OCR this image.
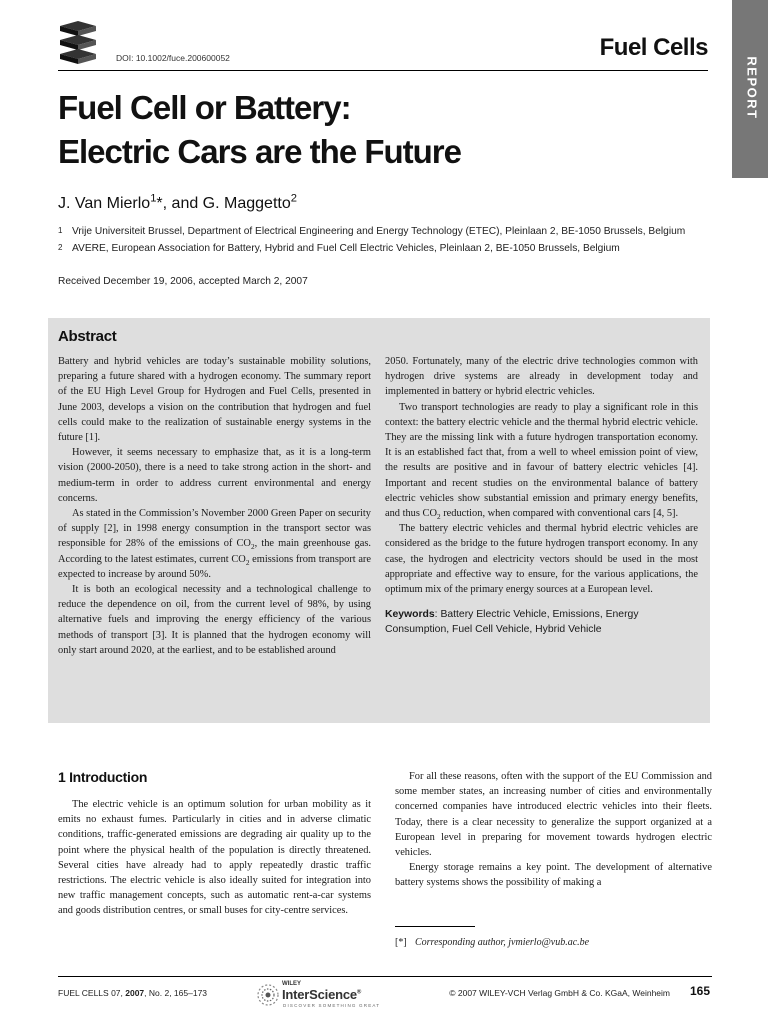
DOI: 10.1002/fuce.200600052	Fuel Cells
REPORT
Fuel Cell or Battery:
Electric Cars are the Future
J. Van Mierlo$^1$*, and G. Maggetto$^2$
1 Vrije Universiteit Brussel, Department of Electrical Engineering and Energy Technology (ETEC), Pleinlaan 2, BE-1050 Brussels, Belgium
2 AVERE, European Association for Battery, Hybrid and Fuel Cell Electric Vehicles, Pleinlaan 2, BE-1050 Brussels, Belgium
Received December 19, 2006, accepted March 2, 2007
Abstract

Battery and hybrid vehicles are today’s sustainable mobility solutions, preparing a future shared with a hydrogen economy. The summary report of the EU High Level Group for Hydrogen and Fuel Cells, presented in June 2003, develops a vision on the contribution that hydrogen and fuel cells could make to the realization of sustainable energy systems in the future [1].

However, it seems necessary to emphasize that, as it is a long-term vision (2000-2050), there is a need to take strong action in the short- and medium-term in order to address current environmental and energy concerns.

As stated in the Commission’s November 2000 Green Paper on security of supply [2], in 1998 energy consumption in the transport sector was responsible for 28% of the emissions of $CO_2$, the main greenhouse gas. According to the latest estimates, current $CO_2$ emissions from transport are expected to increase by around 50%.

It is both an ecological necessity and a technological challenge to reduce the dependence on oil, from the current level of 98%, by using alternative fuels and improving the energy efficiency of the various methods of transport [3]. It is planned that the hydrogen economy will only start around 2020, at the earliest, and to be established around

2050. Fortunately, many of the electric drive technologies common with hydrogen drive systems are already in development today and implemented in battery or hybrid electric vehicles.

Two transport technologies are ready to play a significant role in this context: the battery electric vehicle and the thermal hybrid electric vehicle. They are the missing link with a future hydrogen transportation economy. It is an established fact that, from a well to wheel emission point of view, the results are positive and in favour of battery electric vehicles [4]. Important and recent studies on the environmental balance of battery electric vehicles show substantial emission and primary energy benefits, and thus $CO_2$ reduction, when compared with conventional cars [4, 5].

The battery electric vehicles and thermal hybrid electric vehicles are considered as the bridge to the future hydrogen transport economy. In any case, the hydrogen and electricity vectors should be used in the most appropriate and effective way to ensure, for the various applications, the optimum mix of the primary energy sources at a European level.

Keywords: Battery Electric Vehicle, Emissions, Energy Consumption, Fuel Cell Vehicle, Hybrid Vehicle

1 Introduction

The electric vehicle is an optimum solution for urban mobility as it emits no exhaust fumes. Particularly in cities and in adverse climatic conditions, traffic-generated emissions are degrading air quality up to the point where the physical health of the population is directly threatened. Several cities have already had to apply repeatedly drastic traffic restrictions. The electric vehicle is also ideally suited for integration into new traffic management concepts, such as automatic rent-a-car systems and goods distribution centres, or small buses for city-centre services.

For all these reasons, often with the support of the EU Commission and some member states, an increasing number of cities and environmentally concerned companies have introduced electric vehicles into their fleets. Today, there is a clear necessity to generalize the support organized at a European level in preparing for movement towards hydrogen electric vehicles.

Energy storage remains a key point. The development of alternative battery systems shows the possibility of making a

[*] Corresponding author, jvmierlo@vub.ac.be
FUEL CELLS 07, 2007, No. 2, 165–173
WILEY
InterScience®
DISCOVER SOMETHING GREAT
© 2007 WILEY-VCH Verlag GmbH & Co. KGaA, Weinheim 165
